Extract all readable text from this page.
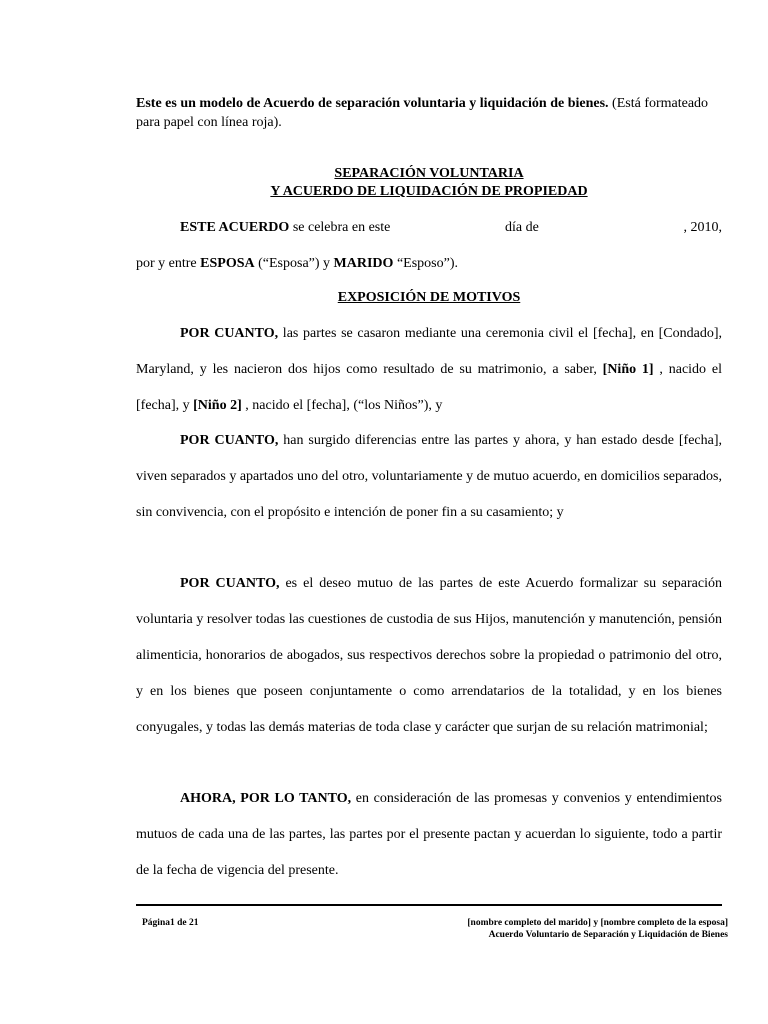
Este es un modelo de Acuerdo de separación voluntaria y liquidación de bienes. (Está formateado para papel con línea roja).
SEPARACIÓN VOLUNTARIA
Y ACUERDO DE LIQUIDACIÓN DE PROPIEDAD
ESTE ACUERDO se celebra en este	día de	, 2010,
por y entre ESPOSA (“Esposa”) y MARIDO “Esposo”).
EXPOSICIÓN DE MOTIVOS
POR CUANTO, las partes se casaron mediante una ceremonia civil el [fecha], en [Condado], Maryland, y les nacieron dos hijos como resultado de su matrimonio, a saber, [Niño 1] , nacido el [fecha], y [Niño 2] , nacido el [fecha], (“los Niños”), y
POR CUANTO, han surgido diferencias entre las partes y ahora, y han estado desde [fecha], viven separados y apartados uno del otro, voluntariamente y de mutuo acuerdo, en domicilios separados, sin convivencia, con el propósito e intención de poner fin a su casamiento; y
POR CUANTO, es el deseo mutuo de las partes de este Acuerdo formalizar su separación voluntaria y resolver todas las cuestiones de custodia de sus Hijos, manutención y manutención, pensión alimenticia, honorarios de abogados, sus respectivos derechos sobre la propiedad o patrimonio del otro, y en los bienes que poseen conjuntamente o como arrendatarios de la totalidad, y en los bienes conyugales, y todas las demás materias de toda clase y carácter que surjan de su relación matrimonial;
AHORA, POR LO TANTO, en consideración de las promesas y convenios y entendimientos mutuos de cada una de las partes, las partes por el presente pactan y acuerdan lo siguiente, todo a partir de la fecha de vigencia del presente.
Página1 de 21	[nombre completo del marido] y [nombre completo de la esposa]
Acuerdo Voluntario de Separación y Liquidación de Bienes
